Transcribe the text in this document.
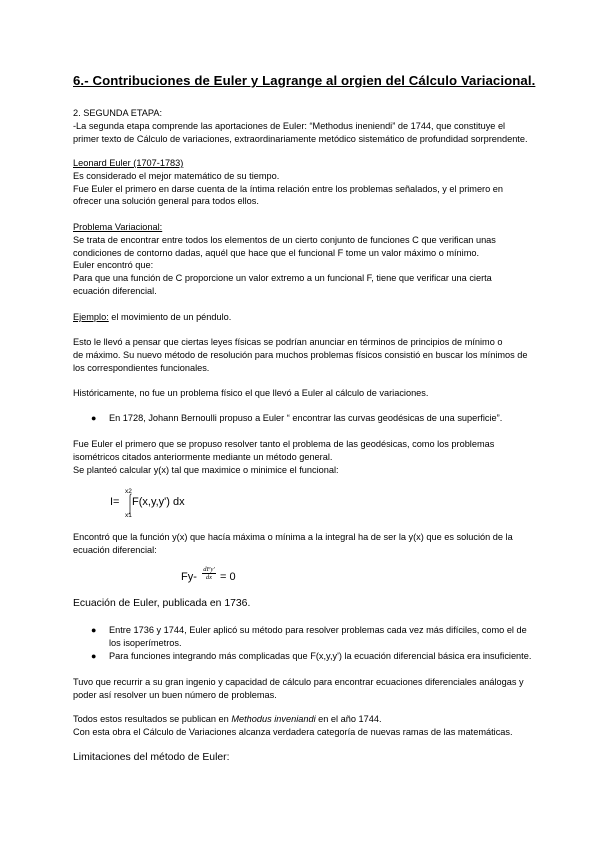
6.- Contribuciones de Euler y Lagrange al orgien del Cálculo Variacional.
2. SEGUNDA ETAPA:
-La segunda etapa comprende las aportaciones de Euler: “Methodus ineniendi” de 1744, que constituye el
primer texto de Cálculo de variaciones, extraordinariamente metódico sistemático de profundidad sorprendente.
Leonard Euler (1707-1783)
Es considerado el mejor matemático de su tiempo.
Fue Euler el primero en darse cuenta de la íntima relación entre los problemas señalados, y el primero en
ofrecer una solución general para todos ellos.
Problema Variacional:
Se trata de encontrar entre todos los elementos de un cierto conjunto de funciones C que verifican unas
condiciones de contorno dadas, aquél que hace que el funcional F tome un valor máximo o mínimo.
Euler encontró que:
Para que una función de C proporcione un valor extremo a un funcional F, tiene que verificar una cierta
ecuación diferencial.
Ejemplo: el movimiento de un péndulo.
Esto le llevó a pensar que ciertas leyes físicas se podrían anunciar en términos de principios de mínimo o
de máximo. Su nuevo método de resolución para muchos problemas físicos consistió en buscar los mínimos de
los correspondientes funcionales.
Históricamente, no fue un problema físico el que llevó a Euler al cálculo de variaciones.
● En 1728, Johann Bernoulli propuso a Euler “ encontrar las curvas geodésicas de una superficie”.
Fue Euler el primero que se propuso resolver tanto el problema de las geodésicas, como los problemas
isométricos citados anteriormente mediante un método general.
Se planteó calcular y(x) tal que maximice o minimice el funcional:
I=
x2
x1
F(x,y,y') dx
Encontró que la función y(x) que hacía máxima o mínima a la integral ha de ser la y(x) que es solución de la
ecuación diferencial:
Fy-
dFy'
dx = 0
Ecuación de Euler, publicada en 1736.
● Entre 1736 y 1744, Euler aplicó su método para resolver problemas cada vez más difíciles, como el de
los isoperímetros.
● Para funciones integrando más complicadas que F(x,y,y') la ecuación diferencial básica era insuficiente.
Tuvo que recurrir a su gran ingenio y capacidad de cálculo para encontrar ecuaciones diferenciales análogas y
poder así resolver un buen número de problemas.
Todos estos resultados se publican en Methodus inveniandi en el año 1744.
Con esta obra el Cálculo de Variaciones alcanza verdadera categoría de nuevas ramas de las matemáticas.
Limitaciones del método de Euler:
